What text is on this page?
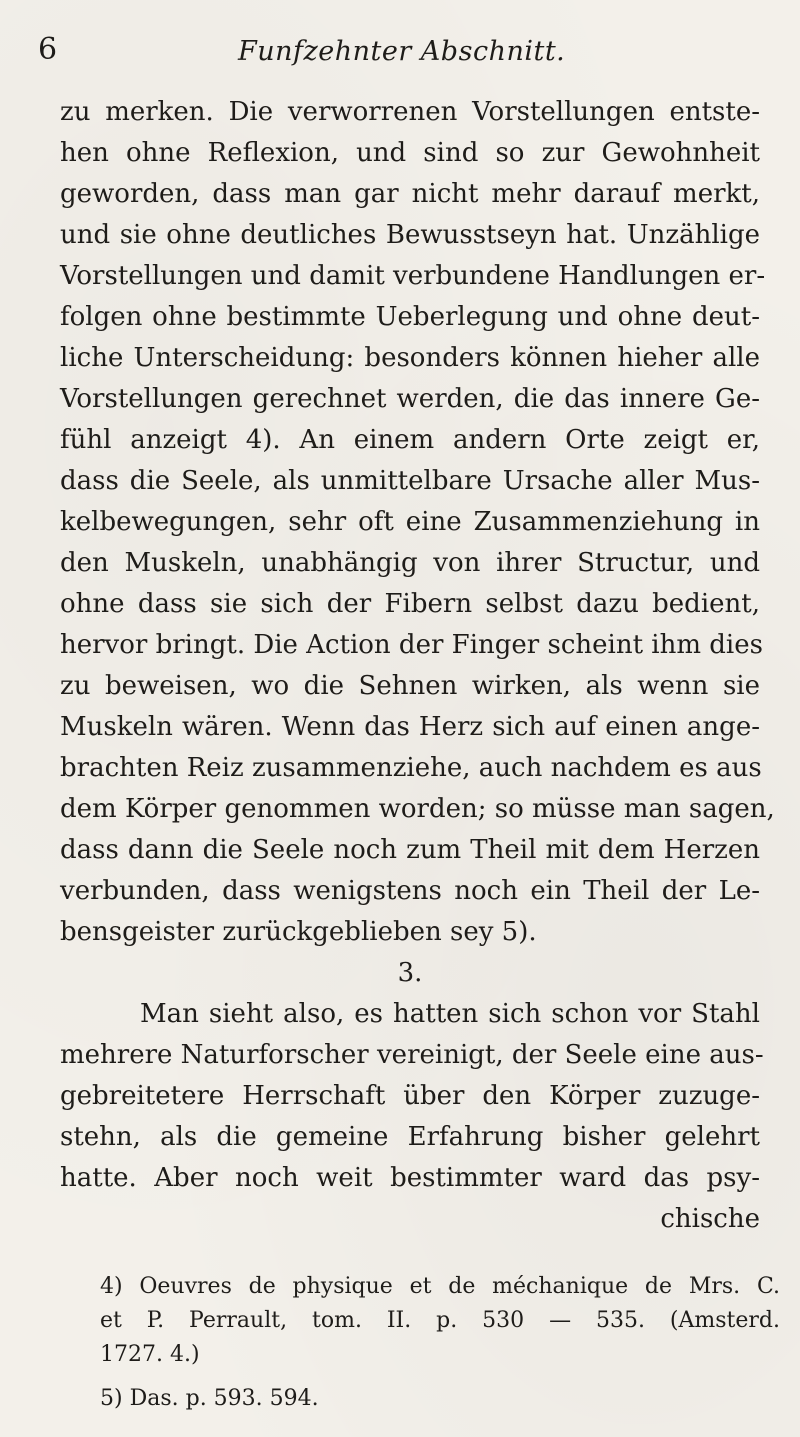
6	Funfzehnter Abschnitt.
zu merken. Die verworrenen Vorstellungen entste-
hen ohne Reflexion, und sind so zur Gewohnheit
geworden, dass man gar nicht mehr darauf merkt,
und sie ohne deutliches Bewusstseyn hat. Unzählige
Vorstellungen und damit verbundene Handlungen er-
folgen ohne bestimmte Ueberlegung und ohne deut-
liche Unterscheidung: besonders können hieher alle
Vorstellungen gerechnet werden, die das innere Ge-
fühl anzeigt 4). An einem andern Orte zeigt er,
dass die Seele, als unmittelbare Ursache aller Mus-
kelbewegungen, sehr oft eine Zusammenziehung in
den Muskeln, unabhängig von ihrer Structur, und
ohne dass sie sich der Fibern selbst dazu bedient,
hervor bringt. Die Action der Finger scheint ihm dies
zu beweisen, wo die Sehnen wirken, als wenn sie
Muskeln wären. Wenn das Herz sich auf einen ange-
brachten Reiz zusammenziehe, auch nachdem es aus
dem Körper genommen worden; so müsse man sagen,
dass dann die Seele noch zum Theil mit dem Herzen
verbunden, dass wenigstens noch ein Theil der Le-
bensgeister zurückgeblieben sey 5).
3.
Man sieht also, es hatten sich schon vor Stahl
mehrere Naturforscher vereinigt, der Seele eine aus-
gebreitetere Herrschaft über den Körper zuzuge-
stehn, als die gemeine Erfahrung bisher gelehrt
hatte. Aber noch weit bestimmter ward das psy-
chische
4) Oeuvres de physique et de méchanique de Mrs. C.
et P. Perrault, tom. II. p. 530 — 535. (Amsterd.
1727. 4.)
5) Das. p. 593. 594.
